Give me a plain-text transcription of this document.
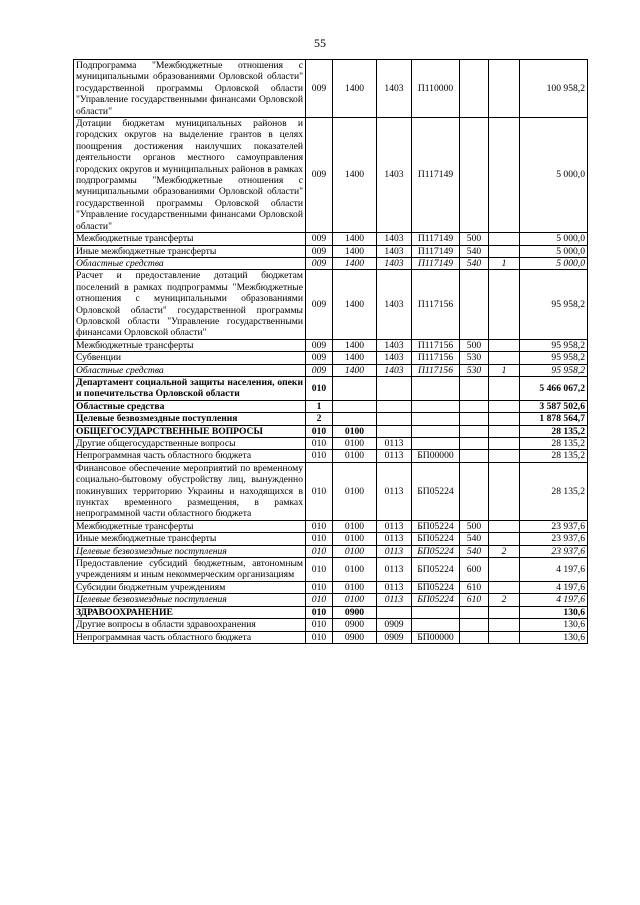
55
Подпрограмма "Межбюджетные отношения с муниципальными образованиями Орловской области" государственной программы Орловской области "Управление государственными финансами Орловской области"	009	1400	1403	П110000			100 958,2
Дотации бюджетам муниципальных районов и городских округов на выделение грантов в целях поощрения достижения наилучших показателей деятельности органов местного самоуправления городских округов и муниципальных районов в рамках подпрограммы "Межбюджетные отношения с муниципальными образованиями Орловской области" государственной программы Орловской области "Управление государственными финансами Орловской области"	009	1400	1403	П117149			5 000,0
Межбюджетные трансферты	009	1400	1403	П117149	500		5 000,0
Иные межбюджетные трансферты	009	1400	1403	П117149	540		5 000,0
Областные средства	009	1400	1403	П117149	540	1	5 000,0
Расчет и предоставление дотаций бюджетам поселений в рамках подпрограммы "Межбюджетные отношения с муниципальными образованиями Орловской области" государственной программы Орловской области "Управление государственными финансами Орловской области"	009	1400	1403	П117156			95 958,2
Межбюджетные трансферты	009	1400	1403	П117156	500		95 958,2
Субвенции	009	1400	1403	П117156	530		95 958,2
Областные средства	009	1400	1403	П117156	530	1	95 958,2
Департамент социальной защиты населения, опеки и попечительства Орловской области	010						5 466 067,2
Областные средства	1						3 587 502,6
Целевые безвозмездные поступления	2						1 878 564,7
ОБЩЕГОСУДАРСТВЕННЫЕ ВОПРОСЫ	010	0100					28 135,2
Другие общегосударственные вопросы	010	0100	0113				28 135,2
Непрограммная часть областного бюджета	010	0100	0113	БП00000			28 135,2
Финансовое обеспечение мероприятий по временному социально-бытовому обустройству лиц, вынужденно покинувших территорию Украины и находящихся в пунктах временного размещения, в рамках непрограммной части областного бюджета	010	0100	0113	БП05224			28 135,2
Межбюджетные трансферты	010	0100	0113	БП05224	500		23 937,6
Иные межбюджетные трансферты	010	0100	0113	БП05224	540		23 937,6
Целевые безвозмездные поступления	010	0100	0113	БП05224	540	2	23 937,6
Предоставление субсидий бюджетным, автономным учреждениям и иным некоммерческим организациям	010	0100	0113	БП05224	600		4 197,6
Субсидии бюджетным учреждениям	010	0100	0113	БП05224	610		4 197,6
Целевые безвозмездные поступления	010	0100	0113	БП05224	610	2	4 197,6
ЗДРАВООХРАНЕНИЕ	010	0900					130,6
Другие вопросы в области здравоохранения	010	0900	0909				130,6
Непрограммная часть областного бюджета	010	0900	0909	БП00000			130,6
